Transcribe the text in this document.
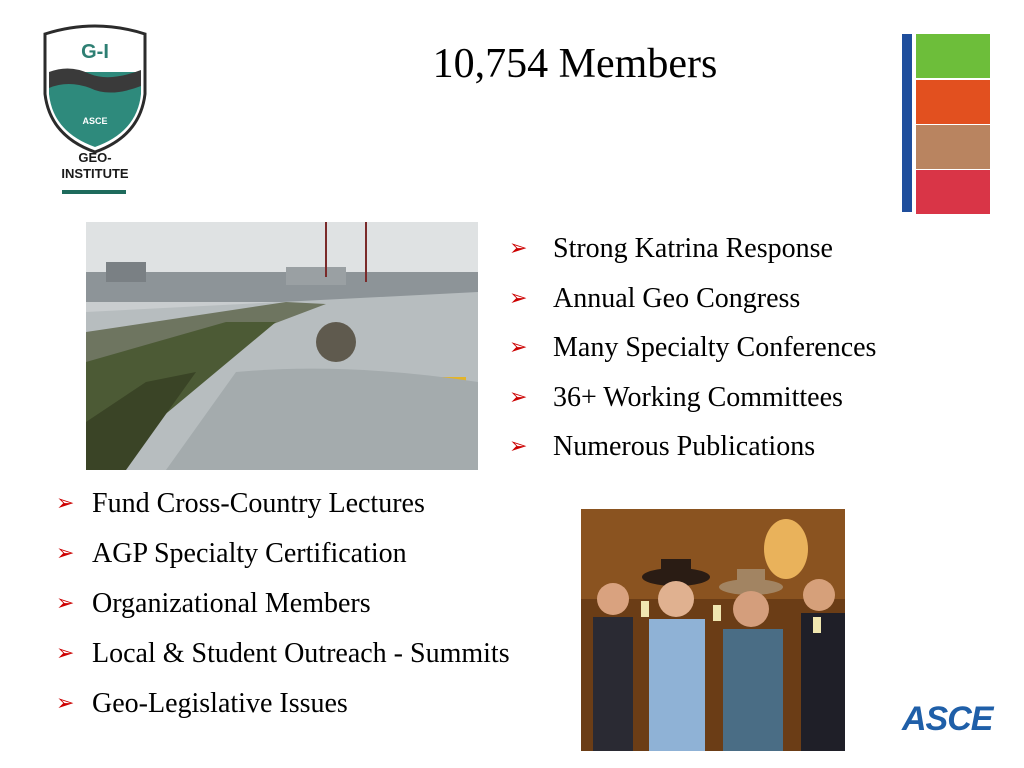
G-I
ASCE
GEO-
INSTITUTE
10,754 Members
➢ Strong Katrina Response
➢ Annual Geo Congress
➢ Many Specialty Conferences
➢ 36+ Working Committees
➢ Numerous Publications
➢ Fund Cross-Country Lectures
➢ AGP Specialty Certification
➢ Organizational Members
➢ Local & Student Outreach - Summits
➢ Geo-Legislative Issues	ASCE
